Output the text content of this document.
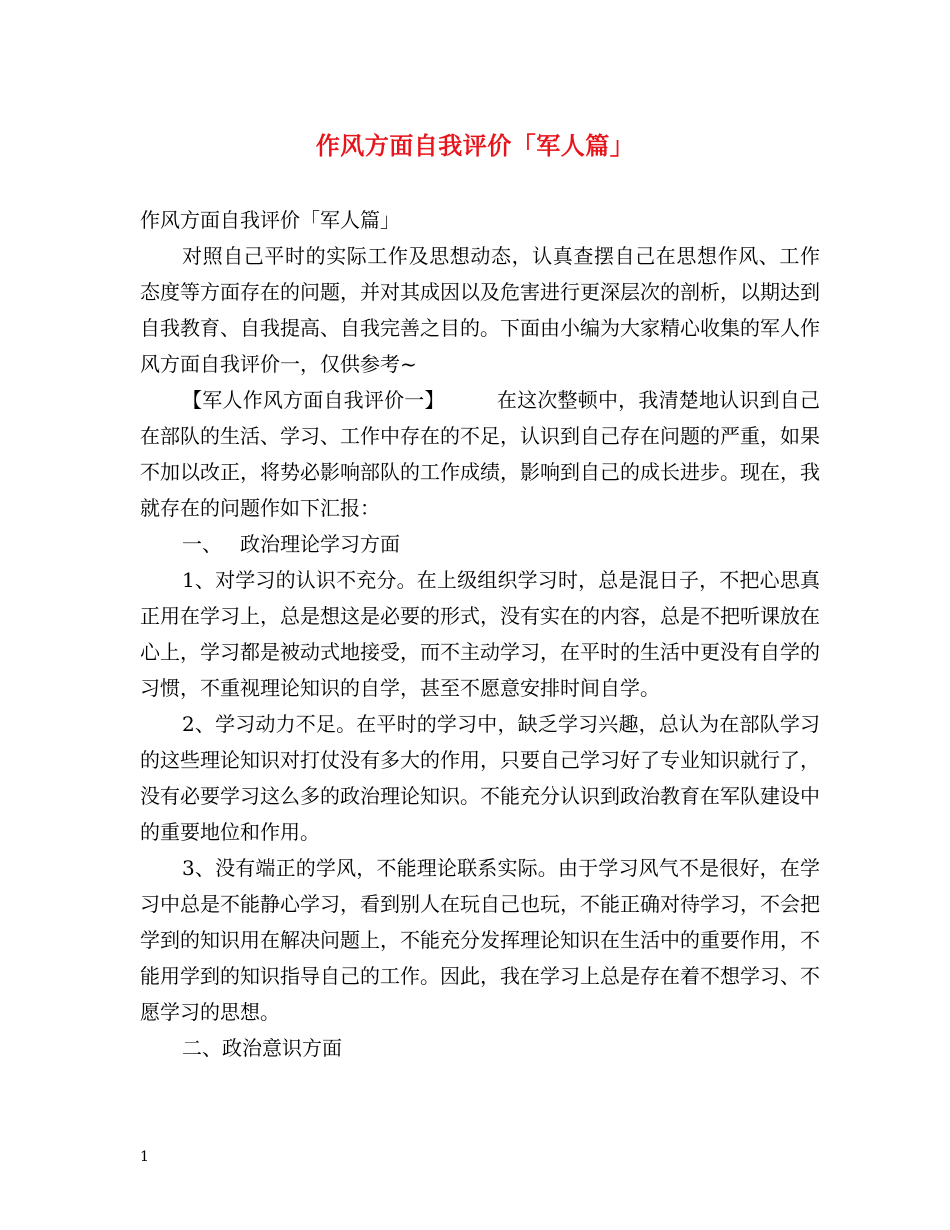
作风方面自我评价「军人篇」

作风方面自我评价「军人篇」

对照自己平时的实际工作及思想动态，认真查摆自己在思想作风、工作态度等方面存在的问题，并对其成因以及危害进行更深层次的剖析，以期达到自我教育、自我提高、自我完善之目的。下面由小编为大家精心收集的军人作风方面自我评价一，仅供参考~

【军人作风方面自我评价一】	在这次整顿中，我清楚地认识到自己在部队的生活、学习、工作中存在的不足，认识到自己存在问题的严重，如果不加以改正，将势必影响部队的工作成绩，影响到自己的成长进步。现在，我就存在的问题作如下汇报：

一、 政治理论学习方面

1、对学习的认识不充分。在上级组织学习时，总是混日子，不把心思真正用在学习上，总是想这是必要的形式，没有实在的内容，总是不把听课放在心上，学习都是被动式地接受，而不主动学习，在平时的生活中更没有自学的习惯，不重视理论知识的自学，甚至不愿意安排时间自学。

2、学习动力不足。在平时的学习中，缺乏学习兴趣，总认为在部队学习的这些理论知识对打仗没有多大的作用，只要自己学习好了专业知识就行了，没有必要学习这么多的政治理论知识。不能充分认识到政治教育在军队建设中的重要地位和作用。

3、没有端正的学风，不能理论联系实际。由于学习风气不是很好，在学习中总是不能静心学习，看到别人在玩自己也玩，不能正确对待学习，不会把学到的知识用在解决问题上，不能充分发挥理论知识在生活中的重要作用，不能用学到的知识指导自己的工作。因此，我在学习上总是存在着不想学习、不愿学习的思想。

二、政治意识方面

1
